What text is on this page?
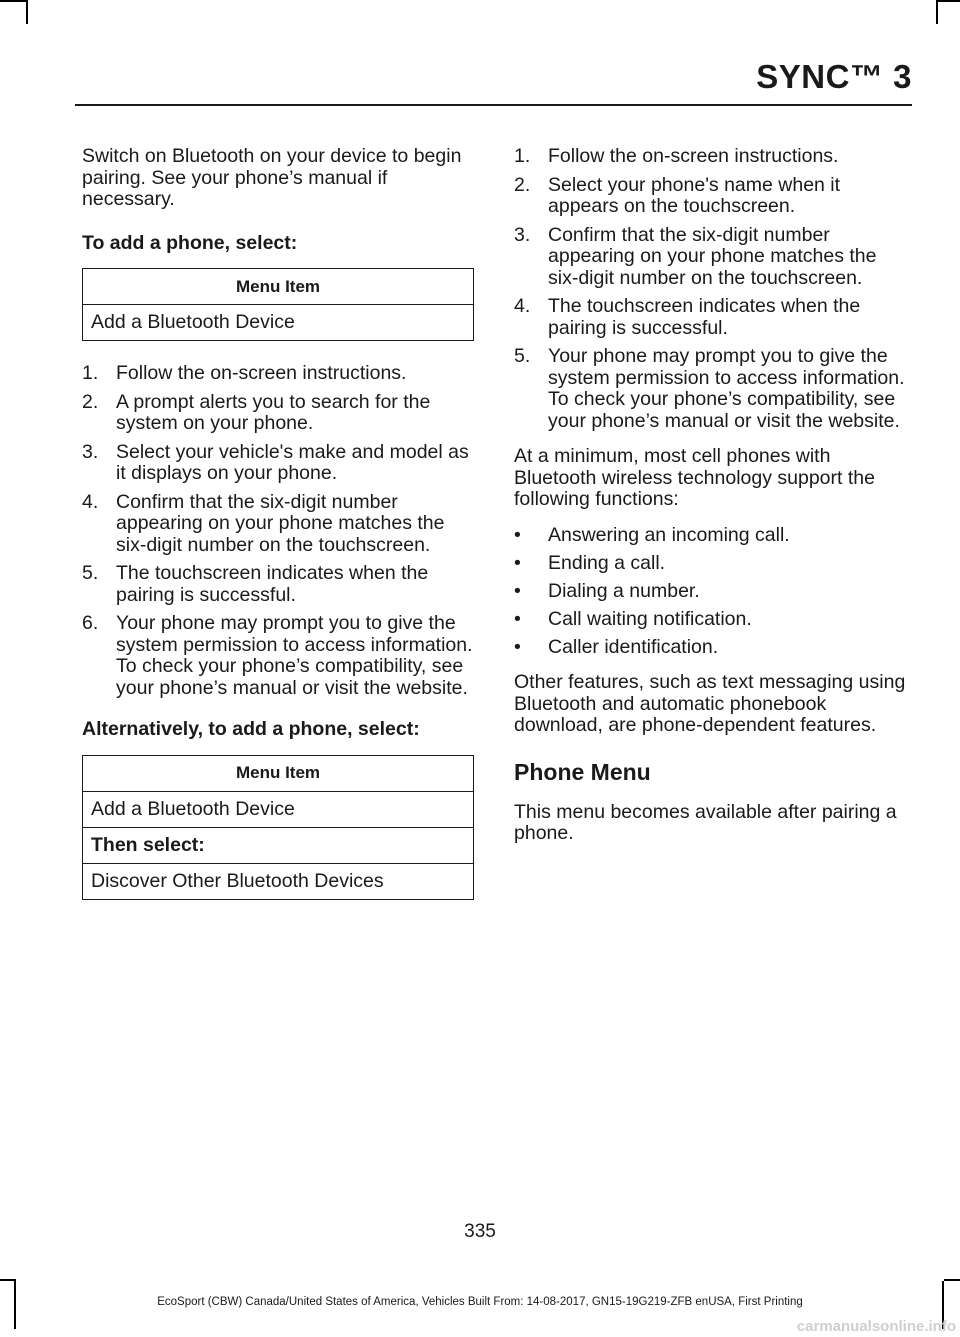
SYNC™ 3

Switch on Bluetooth on your device to begin pairing. See your phone’s manual if necessary.

To add a phone, select:

Menu Item
Add a Bluetooth Device
1. Follow the on-screen instructions.
2. A prompt alerts you to search for the system on your phone.
3. Select your vehicle's make and model as it displays on your phone.
4. Confirm that the six-digit number appearing on your phone matches the six-digit number on the touchscreen.
5. The touchscreen indicates when the pairing is successful.
6. Your phone may prompt you to give the system permission to access information. To check your phone’s compatibility, see your phone’s manual or visit the website.

Alternatively, to add a phone, select:

Menu Item
Add a Bluetooth Device
Then select:
Discover Other Bluetooth Devices
1. Follow the on-screen instructions.
2. Select your phone's name when it appears on the touchscreen.
3. Confirm that the six-digit number appearing on your phone matches the six-digit number on the touchscreen.
4. The touchscreen indicates when the pairing is successful.
5. Your phone may prompt you to give the system permission to access information. To check your phone’s compatibility, see your phone’s manual or visit the website.

At a minimum, most cell phones with Bluetooth wireless technology support the following functions:

• Answering an incoming call.
• Ending a call.
• Dialing a number.
• Call waiting notification.
• Caller identification.

Other features, such as text messaging using Bluetooth and automatic phonebook download, are phone-dependent features.

Phone Menu

This menu becomes available after pairing a phone.

335
EcoSport (CBW) Canada/United States of America, Vehicles Built From: 14-08-2017, GN15-19G219-ZFB enUSA, First Printing
carmanualsonline.info
